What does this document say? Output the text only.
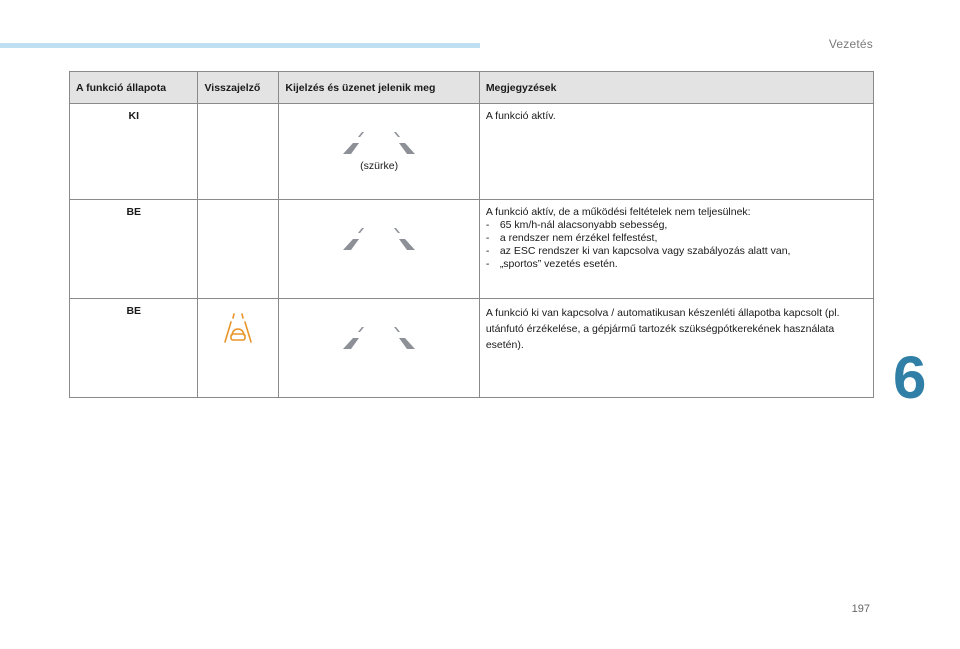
Vezetés
6
A funkció állapota	Visszajelző	Kijelzés és üzenet jelenik meg	Megjegyzések
KI		(szürke)	A funkció aktív.

BE			A funkció aktív, de a működési feltételek nem teljesülnek:
- 65 km/h-nál alacsonyabb sebesség,
- a rendszer nem érzékel felfestést,
- az ESC rendszer ki van kapcsolva vagy szabályozás alatt van,
- „sportos” vezetés esetén.

BE			A funkció ki van kapcsolva / automatikusan készenléti állapotba kapcsolt (pl. utánfutó érzékelése, a gépjármű tartozék szükségpótkerekének használata esetén).
197
